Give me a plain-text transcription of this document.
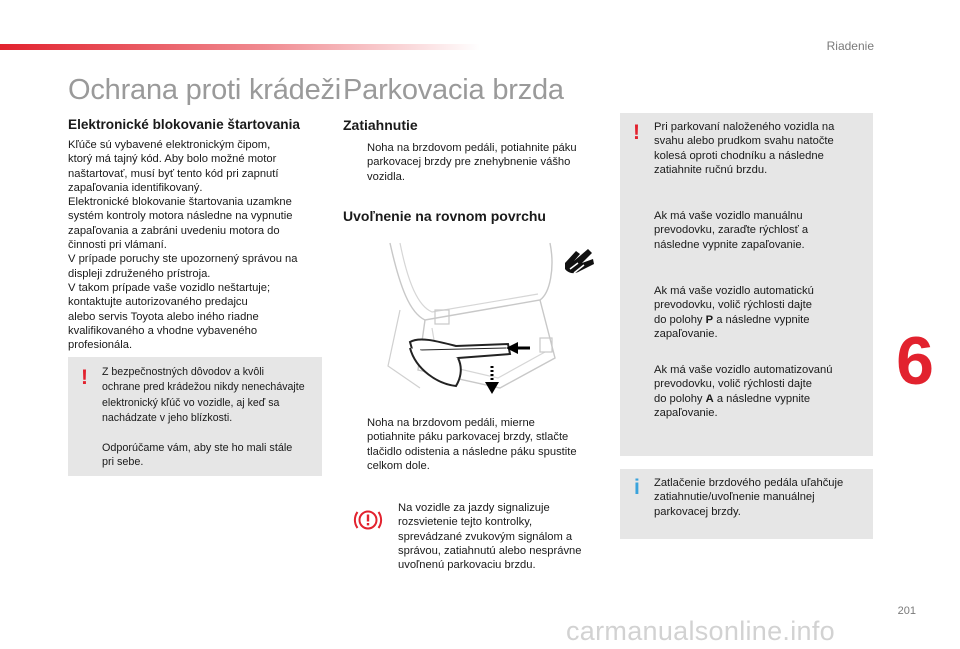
Riadenie
6
Ochrana proti krádeži
Elektronické blokovanie štartovania
Kľúče sú vybavené elektronickým čipom,
ktorý má tajný kód. Aby bolo možné motor
naštartovať, musí byť tento kód pri zapnutí
zapaľovania identifikovaný.
Elektronické blokovanie štartovania uzamkne
systém kontroly motora následne na vypnutie
zapaľovania a zabráni uvedeniu motora do
činnosti pri vlámaní.
V prípade poruchy ste upozornený správou na
displeji združeného prístroja.
V takom prípade vaše vozidlo neštartuje;
kontaktujte autorizovaného predajcu
alebo servis Toyota alebo iného riadne
kvalifikovaného a vhodne vybaveného
profesionála.
! Z bezpečnostných dôvodov a kvôli
ochrane pred krádežou nikdy nenechávajte
elektronický kľúč vo vozidle, aj keď sa
nachádzate v jeho blízkosti.
Odporúčame vám, aby ste ho mali stále
pri sebe.
Parkovacia brzda
Zatiahnutie
Noha na brzdovom pedáli, potiahnite páku
parkovacej brzdy pre znehybnenie vášho
vozidla.
Uvoľnenie na rovnom povrchu
Noha na brzdovom pedáli, mierne
potiahnite páku parkovacej brzdy, stlačte
tlačidlo odistenia a následne páku spustite
celkom dole.
Na vozidle za jazdy signalizuje
rozsvietenie tejto kontrolky,
sprevádzané zvukovým signálom a
správou, zatiahnutú alebo nesprávne
uvoľnenú parkovaciu brzdu.
! Pri parkovaní naloženého vozidla na
svahu alebo prudkom svahu natočte
kolesá oproti chodníku a následne
zatiahnite ručnú brzdu.
Ak má vaše vozidlo manuálnu
prevodovku, zaraďte rýchlosť a
následne vypnite zapaľovanie.
Ak má vaše vozidlo automatickú
prevodovku, volič rýchlosti dajte
do polohy P a následne vypnite
zapaľovanie.
Ak má vaše vozidlo automatizovanú
prevodovku, volič rýchlosti dajte
do polohy A a následne vypnite
zapaľovanie.
i Zatlačenie brzdového pedála uľahčuje
zatiahnutie/uvoľnenie manuálnej
parkovacej brzdy.
201
carmanualsonline.info
